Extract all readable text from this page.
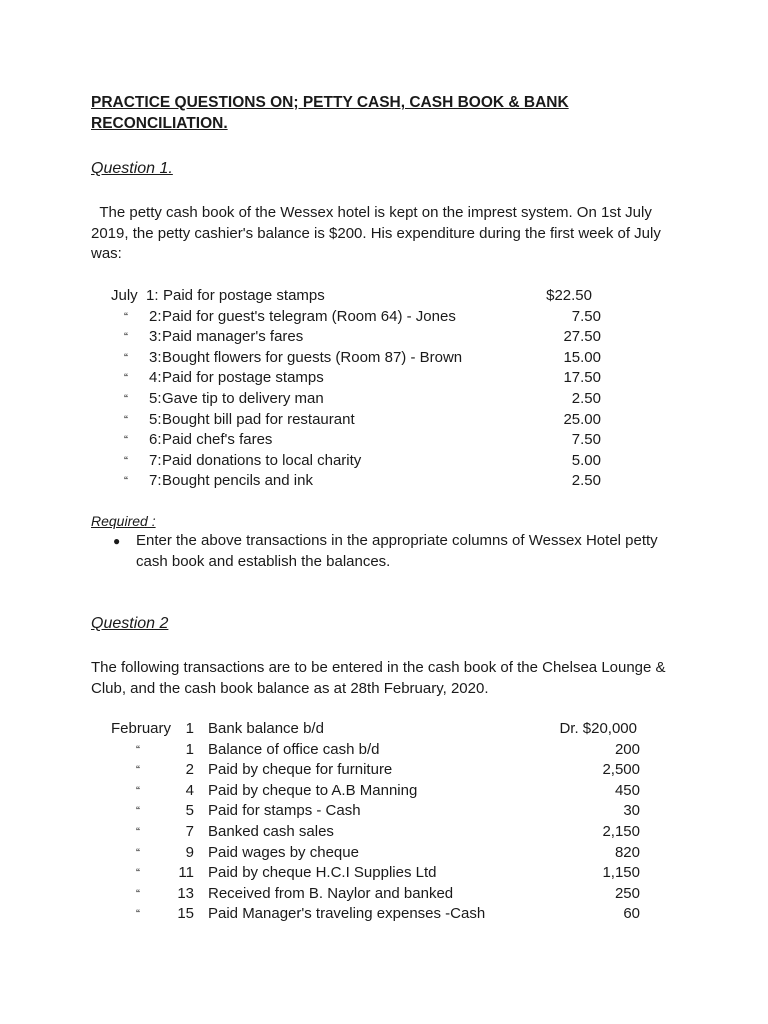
PRACTICE QUESTIONS ON; PETTY CASH, CASH BOOK & BANK
RECONCILIATION.
Question 1.
The petty cash book of the Wessex hotel is kept on the imprest system. On 1st July 2019, the petty cashier's balance is $200. His expenditure during the first week of July was:
July 1: Paid for postage stamps	$22.50
“ 2: Paid for guest's telegram (Room 64) - Jones	7.50
“ 3: Paid manager's fares	27.50
“ 3: Bought flowers for guests (Room 87) - Brown	15.00
“ 4: Paid for postage stamps	17.50
“ 5: Gave tip to delivery man	2.50
“ 5: Bought bill pad for restaurant	25.00
“ 6: Paid chef's fares	7.50
“ 7: Paid donations to local charity	5.00
“ 7: Bought pencils and ink	2.50
Required :
● Enter the above transactions in the appropriate columns of Wessex Hotel petty cash book and establish the balances.
Question 2
The following transactions are to be entered in the cash book of the Chelsea Lounge & Club, and the cash book balance as at 28th February, 2020.
February 1 Bank balance b/d	Dr. $20,000
“	1 Balance of office cash b/d	200
“	2 Paid by cheque for furniture	2,500
“	4 Paid by cheque to A.B Manning	450
“	5 Paid for stamps - Cash	30
“	7 Banked cash sales	2,150
“	9 Paid wages by cheque	820
“	11 Paid by cheque H.C.I Supplies Ltd	1,150
“	13 Received from B. Naylor and banked	250
“	15 Paid Manager's traveling expenses -Cash	60
